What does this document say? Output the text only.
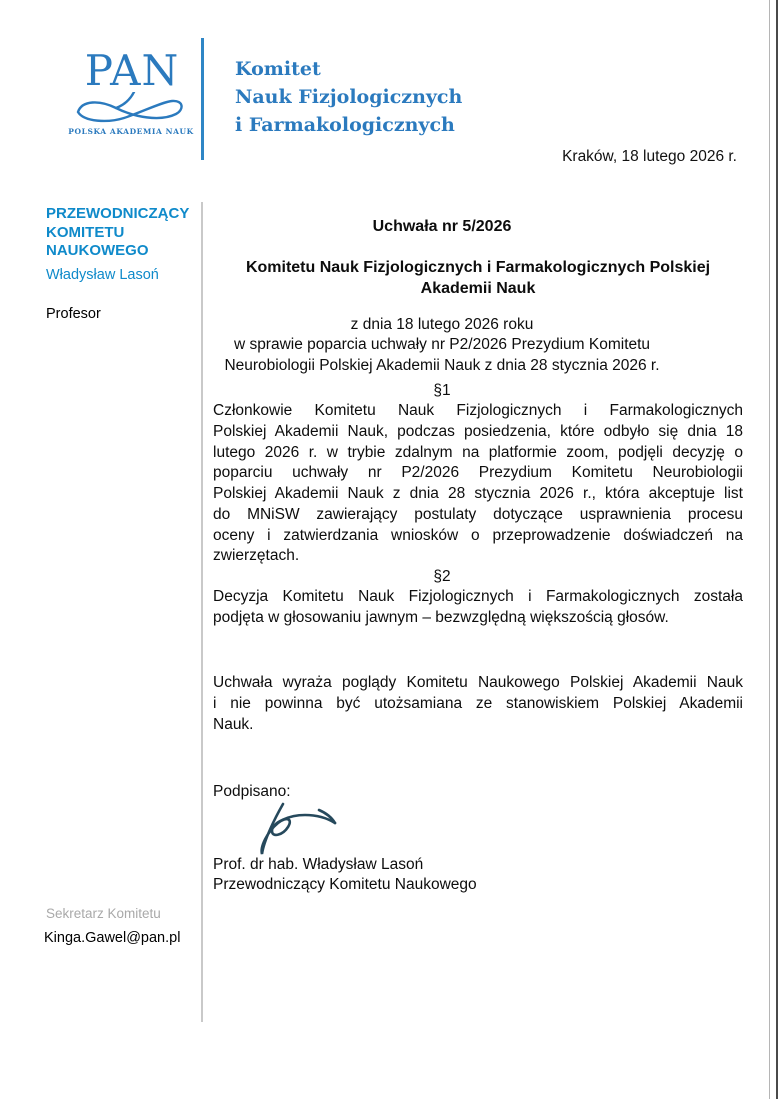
PAN
POLSKA AKADEMIA NAUK
Komitet
Nauk Fizjologicznych
i Farmakologicznych
Kraków, 18 lutego 2026 r.
PRZEWODNICZĄCY KOMITETU NAUKOWEGO
Władysław Lasoń
Profesor
Sekretarz Komitetu
Kinga.Gawel@pan.pl
Uchwała nr 5/2026
Komitetu Nauk Fizjologicznych i Farmakologicznych Polskiej
Akademii Nauk
z dnia 18 lutego 2026 roku
w sprawie poparcia uchwały nr P2/2026 Prezydium Komitetu
Neurobiologii Polskiej Akademii Nauk z dnia 28 stycznia 2026 r.
§1
Członkowie Komitetu Nauk Fizjologicznych i Farmakologicznych
Polskiej Akademii Nauk, podczas posiedzenia, które odbyło się dnia 18
lutego 2026 r. w trybie zdalnym na platformie zoom, podjęli decyzję o
poparciu uchwały nr P2/2026 Prezydium Komitetu Neurobiologii
Polskiej Akademii Nauk z dnia 28 stycznia 2026 r., która akceptuje list
do MNiSW zawierający postulaty dotyczące usprawnienia procesu
oceny i zatwierdzania wniosków o przeprowadzenie doświadczeń na
zwierzętach.
§2
Decyzja Komitetu Nauk Fizjologicznych i Farmakologicznych została
podjęta w głosowaniu jawnym – bezwzględną większością głosów.
Uchwała wyraża poglądy Komitetu Naukowego Polskiej Akademii Nauk
i nie powinna być utożsamiana ze stanowiskiem Polskiej Akademii
Nauk.
Podpisano:
Prof. dr hab. Władysław Lasoń
Przewodniczący Komitetu Naukowego
